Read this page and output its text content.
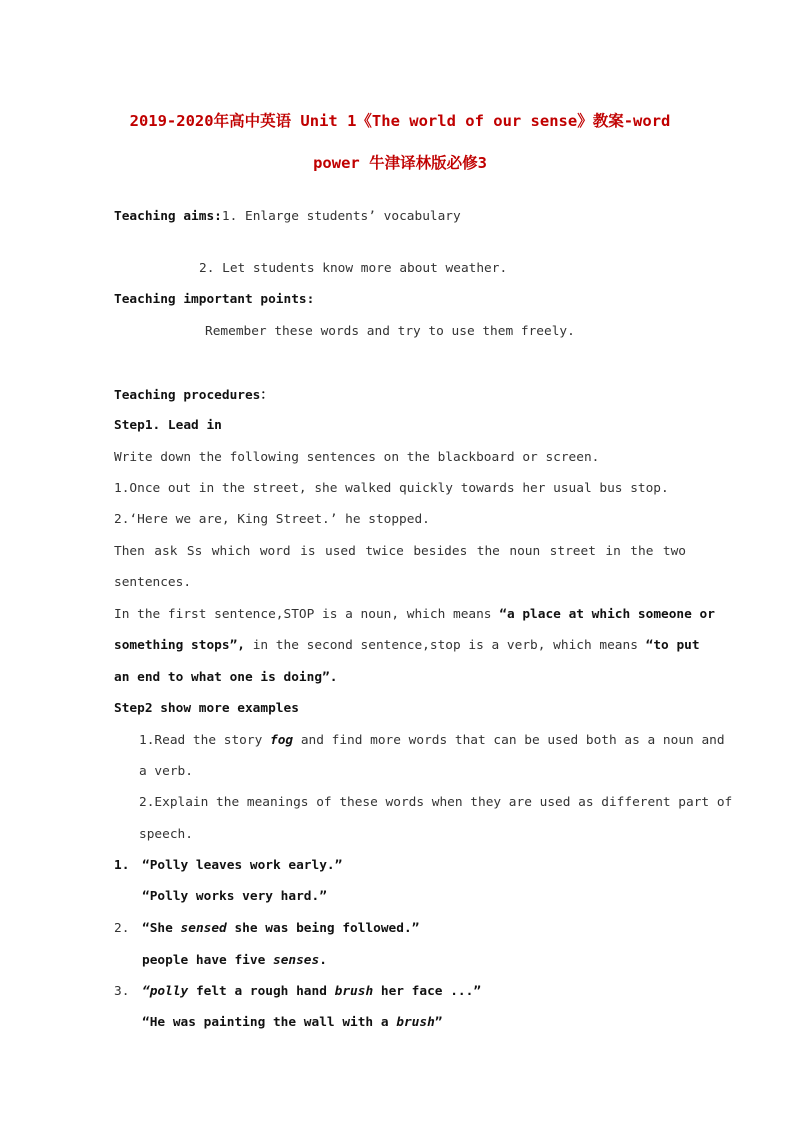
2019-2020年高中英语 Unit 1《The world of our sense》教案-word
power 牛津译林版必修3
Teaching aims:1. Enlarge students’ vocabulary
2. Let students know more about weather.
Teaching important points:
Remember these words and try to use them freely.
Teaching procedures：
Step1. Lead in
Write down the following sentences on the blackboard or screen.
1.Once out in the street, she walked quickly towards her usual bus stop.
2.‘Here we are, King Street.’ he stopped.
Then ask Ss which word is used twice besides the noun street in the two
sentences.
In the first sentence,STOP is a noun, which means “a place at which someone or
something stops”, in the second sentence,stop is a verb, which means “to put
an end to what one is doing”.
Step2 show more examples
1.Read the story fog and find more words that can be used both as a noun and
a verb.
2.Explain the meanings of these words when they are used as different part of
speech.
1. “Polly leaves work early.”
“Polly works very hard.”
2. “She sensed she was being followed.”
people have five senses.
3. “polly felt a rough hand brush her face ...”
“He was painting the wall with a brush”
